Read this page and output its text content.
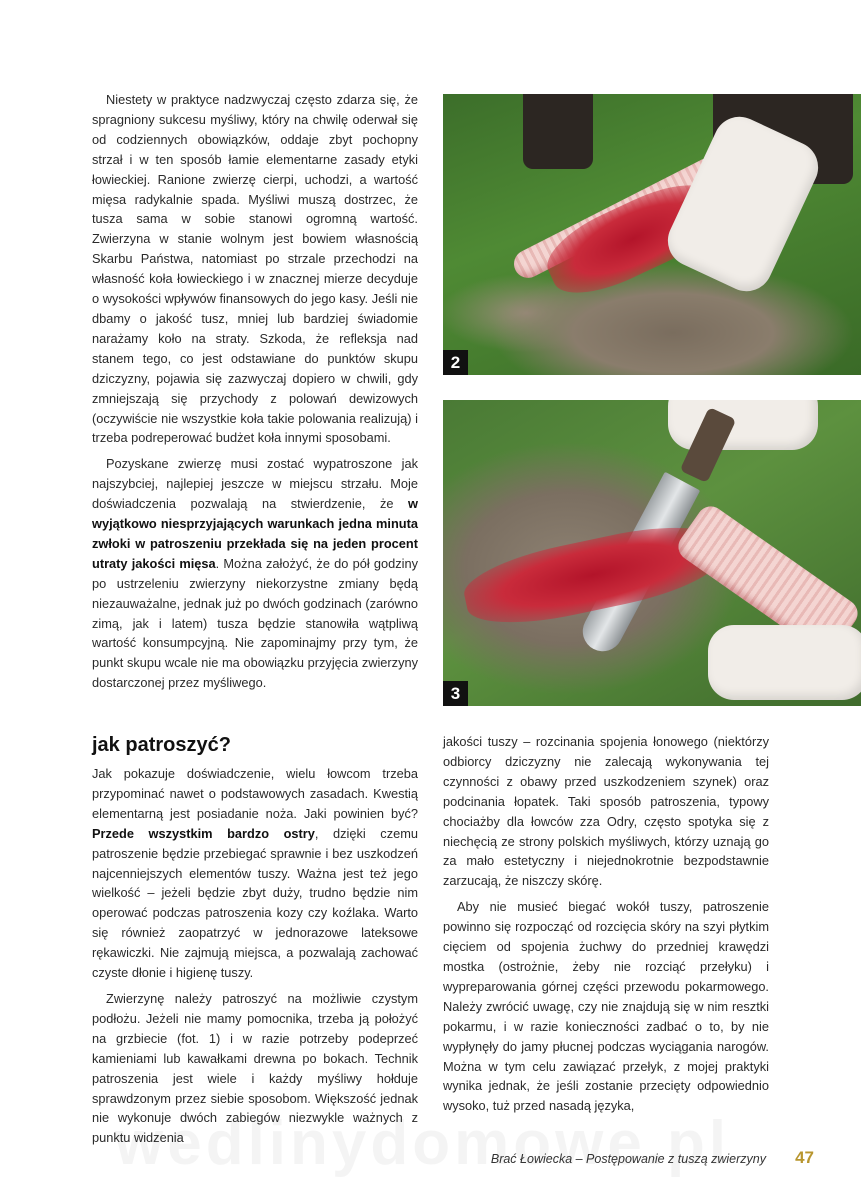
Niestety w praktyce nadzwyczaj często zdarza się, że spragniony sukcesu myśliwy, który na chwilę oderwał się od codziennych obowiązków, oddaje zbyt pochopny strzał i w ten sposób łamie elementarne zasady etyki łowieckiej. Ranione zwierzę cierpi, uchodzi, a wartość mięsa radykalnie spada. Myśliwi muszą dostrzec, że tusza sama w sobie stanowi ogromną wartość. Zwierzyna w stanie wolnym jest bowiem własnością Skarbu Państwa, natomiast po strzale przechodzi na własność koła łowieckiego i w znacznej mierze decyduje o wysokości wpływów finansowych do jego kasy. Jeśli nie dbamy o jakość tusz, mniej lub bardziej świadomie narażamy koło na straty. Szkoda, że refleksja nad stanem tego, co jest odstawiane do punktów skupu dziczyzny, pojawia się zazwyczaj dopiero w chwili, gdy zmniejszają się przychody z polowań dewizowych (oczywiście nie wszystkie koła takie polowania realizują) i trzeba podreperować budżet koła innymi sposobami.

Pozyskane zwierzę musi zostać wypatroszone jak najszybciej, najlepiej jeszcze w miejscu strzału. Moje doświadczenia pozwalają na stwierdzenie, że w wyjątkowo niesprzyjających warunkach jedna minuta zwłoki w patroszeniu przekłada się na jeden procent utraty jakości mięsa. Można założyć, że do pół godziny po ustrzeleniu zwierzyny niekorzystne zmiany będą niezauważalne, jednak już po dwóch godzinach (zarówno zimą, jak i latem) tusza będzie stanowiła wątpliwą wartość konsumpcyjną. Nie zapominajmy przy tym, że punkt skupu wcale nie ma obowiązku przyjęcia zwierzyny dostarczonej przez myśliwego.

2
3

jak patroszyć?

Jak pokazuje doświadczenie, wielu łowcom trzeba przypominać nawet o podstawowych zasadach. Kwestią elementarną jest posiadanie noża. Jaki powinien być? Przede wszystkim bardzo ostry, dzięki czemu patroszenie będzie przebiegać sprawnie i bez uszkodzeń najcenniejszych elementów tuszy. Ważna jest też jego wielkość – jeżeli będzie zbyt duży, trudno będzie nim operować podczas patroszenia kozy czy koźlaka. Warto się również zaopatrzyć w jednorazowe lateksowe rękawiczki. Nie zajmują miejsca, a pozwalają zachować czyste dłonie i higienę tuszy.

Zwierzynę należy patroszyć na możliwie czystym podłożu. Jeżeli nie mamy pomocnika, trzeba ją położyć na grzbiecie (fot. 1) i w razie potrzeby podeprzeć kamieniami lub kawałkami drewna po bokach. Technik patroszenia jest wiele i każdy myśliwy hołduje sprawdzonym przez siebie sposobom. Większość jednak nie wykonuje dwóch zabiegów niezwykle ważnych z punktu widzenia

jakości tuszy – rozcinania spojenia łonowego (niektórzy odbiorcy dziczyzny nie zalecają wykonywania tej czynności z obawy przed uszkodzeniem szynek) oraz podcinania łopatek. Taki sposób patroszenia, typowy chociażby dla łowców zza Odry, często spotyka się z niechęcią ze strony polskich myśliwych, którzy uznają go za mało estetyczny i niejednokrotnie bezpodstawnie zarzucają, że niszczy skórę.

Aby nie musieć biegać wokół tuszy, patroszenie powinno się rozpocząć od rozcięcia skóry na szyi płytkim cięciem od spojenia żuchwy do przedniej krawędzi mostka (ostrożnie, żeby nie rozciąć przełyku) i wypreparowania górnej części przewodu pokarmowego. Należy zwrócić uwagę, czy nie znajdują się w nim resztki pokarmu, i w razie konieczności zadbać o to, by nie wypłynęły do jamy płucnej podczas wyciągania narogów. Można w tym celu zawiązać przełyk, z mojej praktyki wynika jednak, że jeśli zostanie przecięty odpowiednio wysoko, tuż przed nasadą języka,

Brać Łowiecka – Postępowanie z tuszą zwierzyny 47
